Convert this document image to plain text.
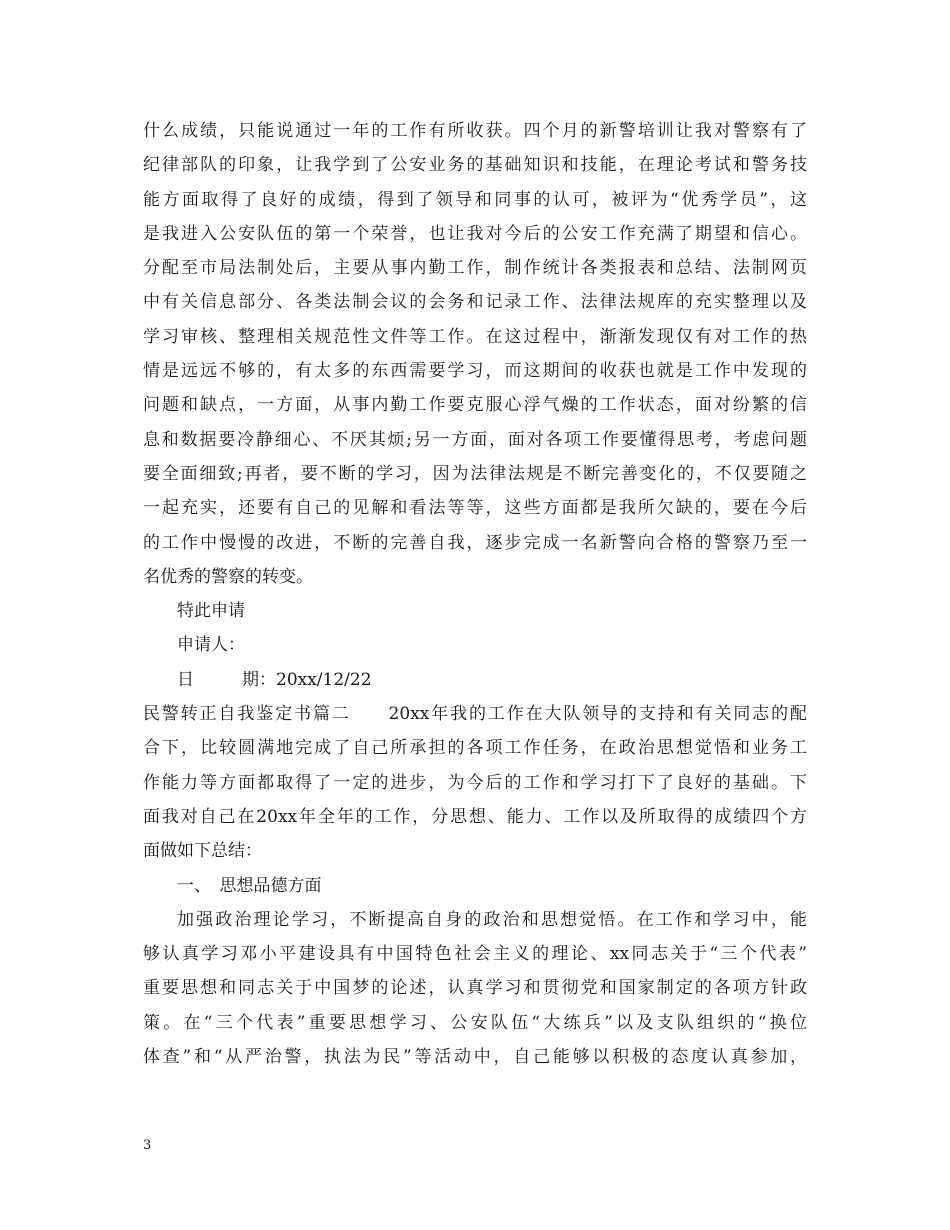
什么成绩，只能说通过一年的工作有所收获。四个月的新警培训让我对警察有了
纪律部队的印象，让我学到了公安业务的基础知识和技能，在理论考试和警务技
能方面取得了良好的成绩，得到了领导和同事的认可，被评为“优秀学员”，这
是我进入公安队伍的第一个荣誉，也让我对今后的公安工作充满了期望和信心。
分配至市局法制处后，主要从事内勤工作，制作统计各类报表和总结、法制网页
中有关信息部分、各类法制会议的会务和记录工作、法律法规库的充实整理以及
学习审核、整理相关规范性文件等工作。在这过程中，渐渐发现仅有对工作的热
情是远远不够的，有太多的东西需要学习，而这期间的收获也就是工作中发现的
问题和缺点，一方面，从事内勤工作要克服心浮气燥的工作状态，面对纷繁的信
息和数据要冷静细心、不厌其烦;另一方面，面对各项工作要懂得思考，考虑问题
要全面细致;再者，要不断的学习，因为法律法规是不断完善变化的，不仅要随之
一起充实，还要有自己的见解和看法等等，这些方面都是我所欠缺的，要在今后
的工作中慢慢的改进，不断的完善自我，逐步完成一名新警向合格的警察乃至一
名优秀的警察的转变。
特此申请
申请人：
日	期：20xx/12/22
民警转正自我鉴定书篇二　　20xx年我的工作在大队领导的支持和有关同志的配
合下，比较圆满地完成了自己所承担的各项工作任务，在政治思想觉悟和业务工
作能力等方面都取得了一定的进步，为今后的工作和学习打下了良好的基础。下
面我对自己在20xx年全年的工作，分思想、能力、工作以及所取得的成绩四个方
面做如下总结：
一、　思想品德方面
加强政治理论学习，不断提高自身的政治和思想觉悟。在工作和学习中，能
够认真学习邓小平建设具有中国特色社会主义的理论、xx同志关于“三个代表”
重要思想和同志关于中国梦的论述，认真学习和贯彻党和国家制定的各项方针政
策。在“三个代表”重要思想学习、公安队伍“大练兵”以及支队组织的“换位
体查”和“从严治警，执法为民”等活动中，自己能够以积极的态度认真参加，
3
